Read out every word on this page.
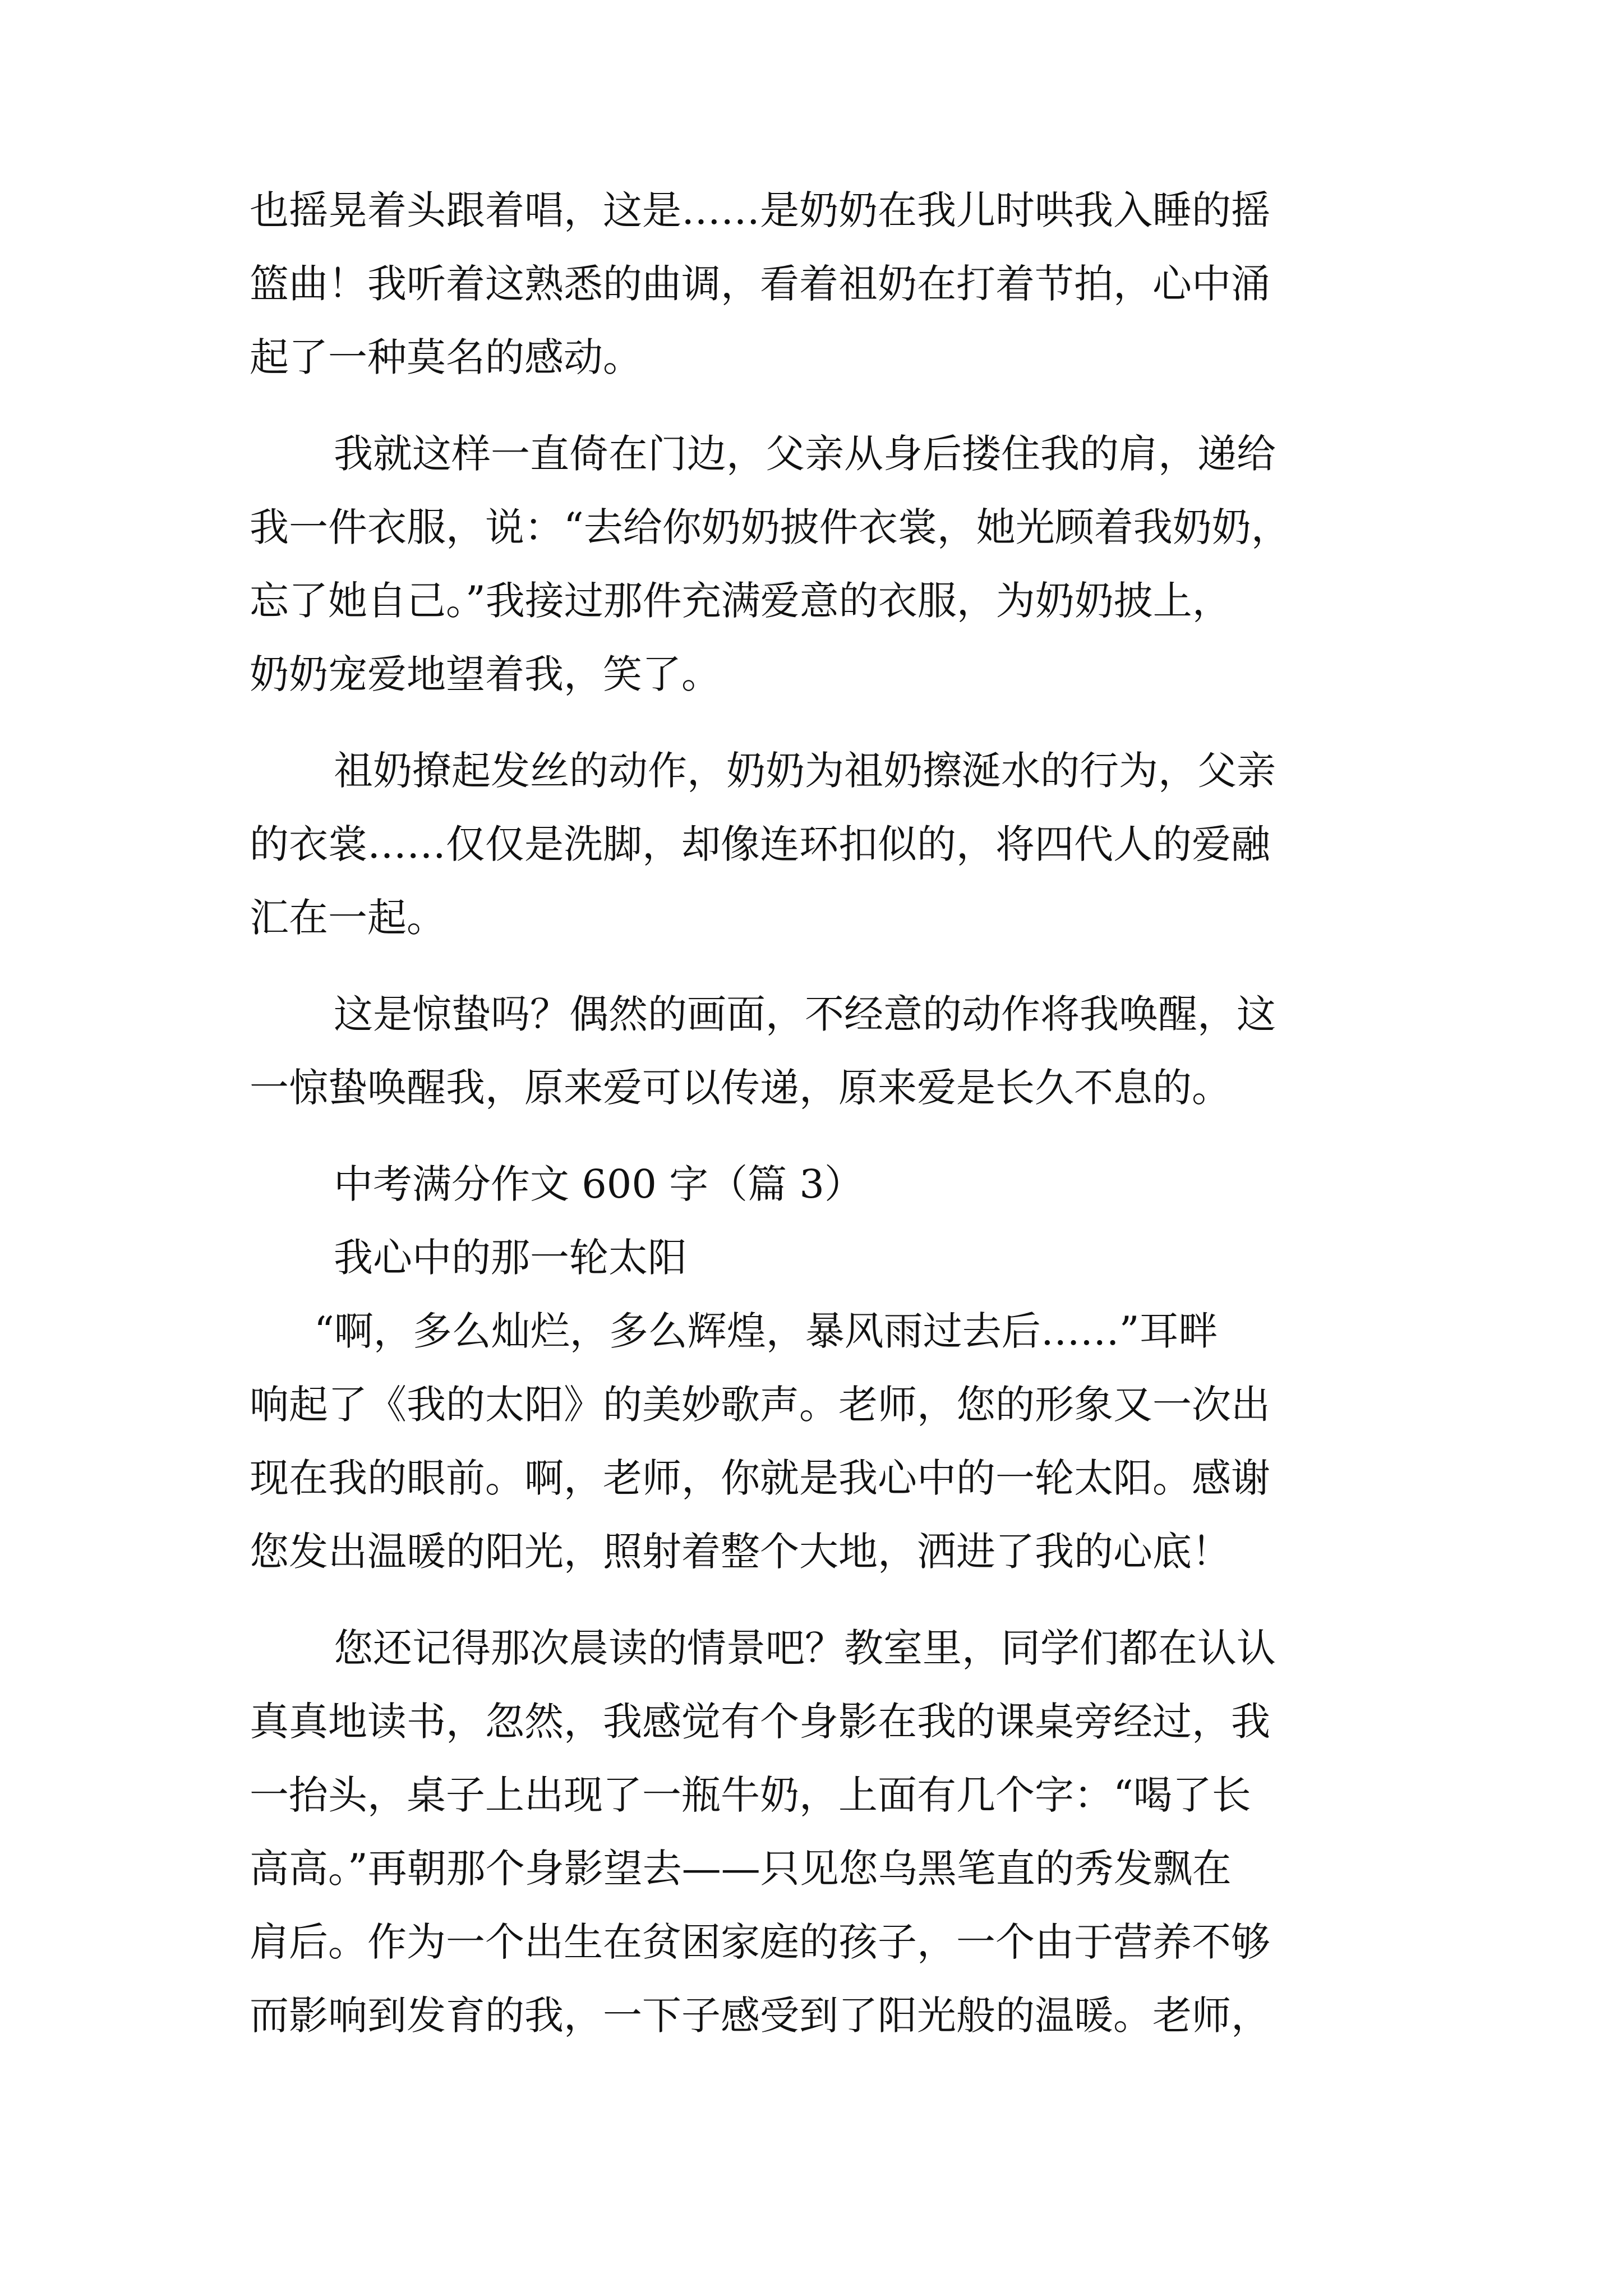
也摇晃着头跟着唱，这是……是奶奶在我儿时哄我入睡的摇
篮曲！我听着这熟悉的曲调，看着祖奶在打着节拍，心中涌
起了一种莫名的感动。
我就这样一直倚在门边，父亲从身后搂住我的肩，递给
我一件衣服，说：“去给你奶奶披件衣裳，她光顾着我奶奶，
忘了她自己。”我接过那件充满爱意的衣服，为奶奶披上，
奶奶宠爱地望着我，笑了。
祖奶撩起发丝的动作，奶奶为祖奶擦涎水的行为，父亲
的衣裳……仅仅是洗脚，却像连环扣似的，将四代人的爱融
汇在一起。
这是惊蛰吗？偶然的画面，不经意的动作将我唤醒，这
一惊蛰唤醒我，原来爱可以传递，原来爱是长久不息的。
中考满分作文 600 字（篇 3）
我心中的那一轮太阳
“啊，多么灿烂，多么辉煌，暴风雨过去后……”耳畔
响起了《我的太阳》的美妙歌声。老师，您的形象又一次出
现在我的眼前。啊，老师，你就是我心中的一轮太阳。感谢
您发出温暖的阳光，照射着整个大地，洒进了我的心底！
您还记得那次晨读的情景吧？教室里，同学们都在认认
真真地读书，忽然，我感觉有个身影在我的课桌旁经过，我
一抬头，桌子上出现了一瓶牛奶，上面有几个字：“喝了长
高高。”再朝那个身影望去——只见您乌黑笔直的秀发飘在
肩后。作为一个出生在贫困家庭的孩子，一个由于营养不够
而影响到发育的我，一下子感受到了阳光般的温暖。老师，
